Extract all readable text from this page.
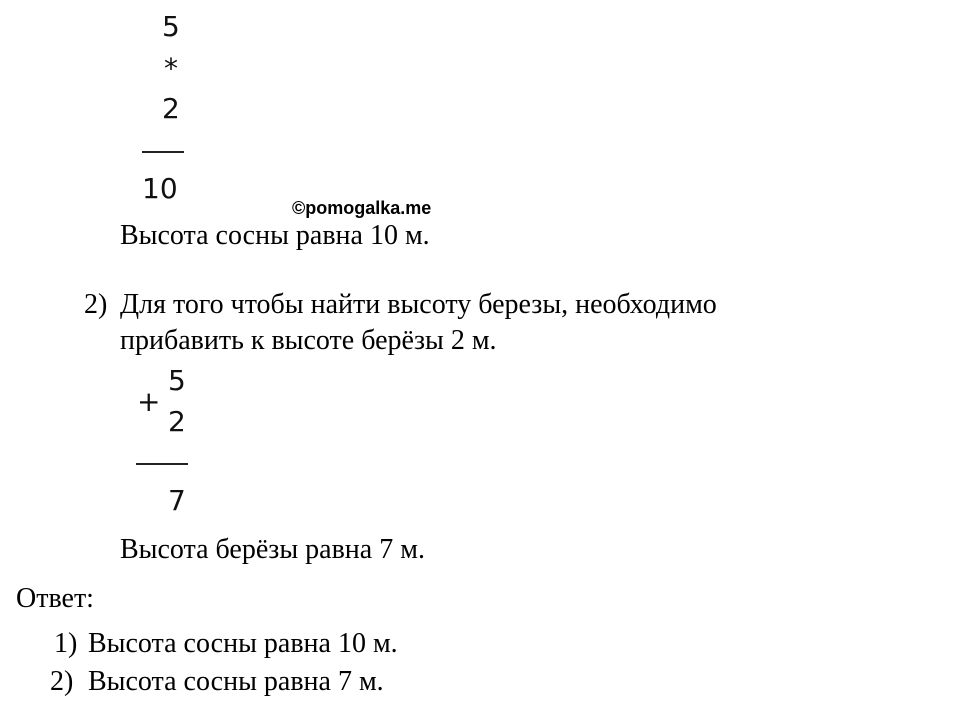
5
*
2
10
©pomogalka.me
Высота сосны равна 10 м.
2) Для того чтобы найти высоту березы, необходимо
прибавить к высоте берёзы 2 м.
+
5
2
7
Высота берёзы равна 7 м.
Ответ:
1) Высота сосны равна 10 м.
2) Высота сосны равна 7 м.
